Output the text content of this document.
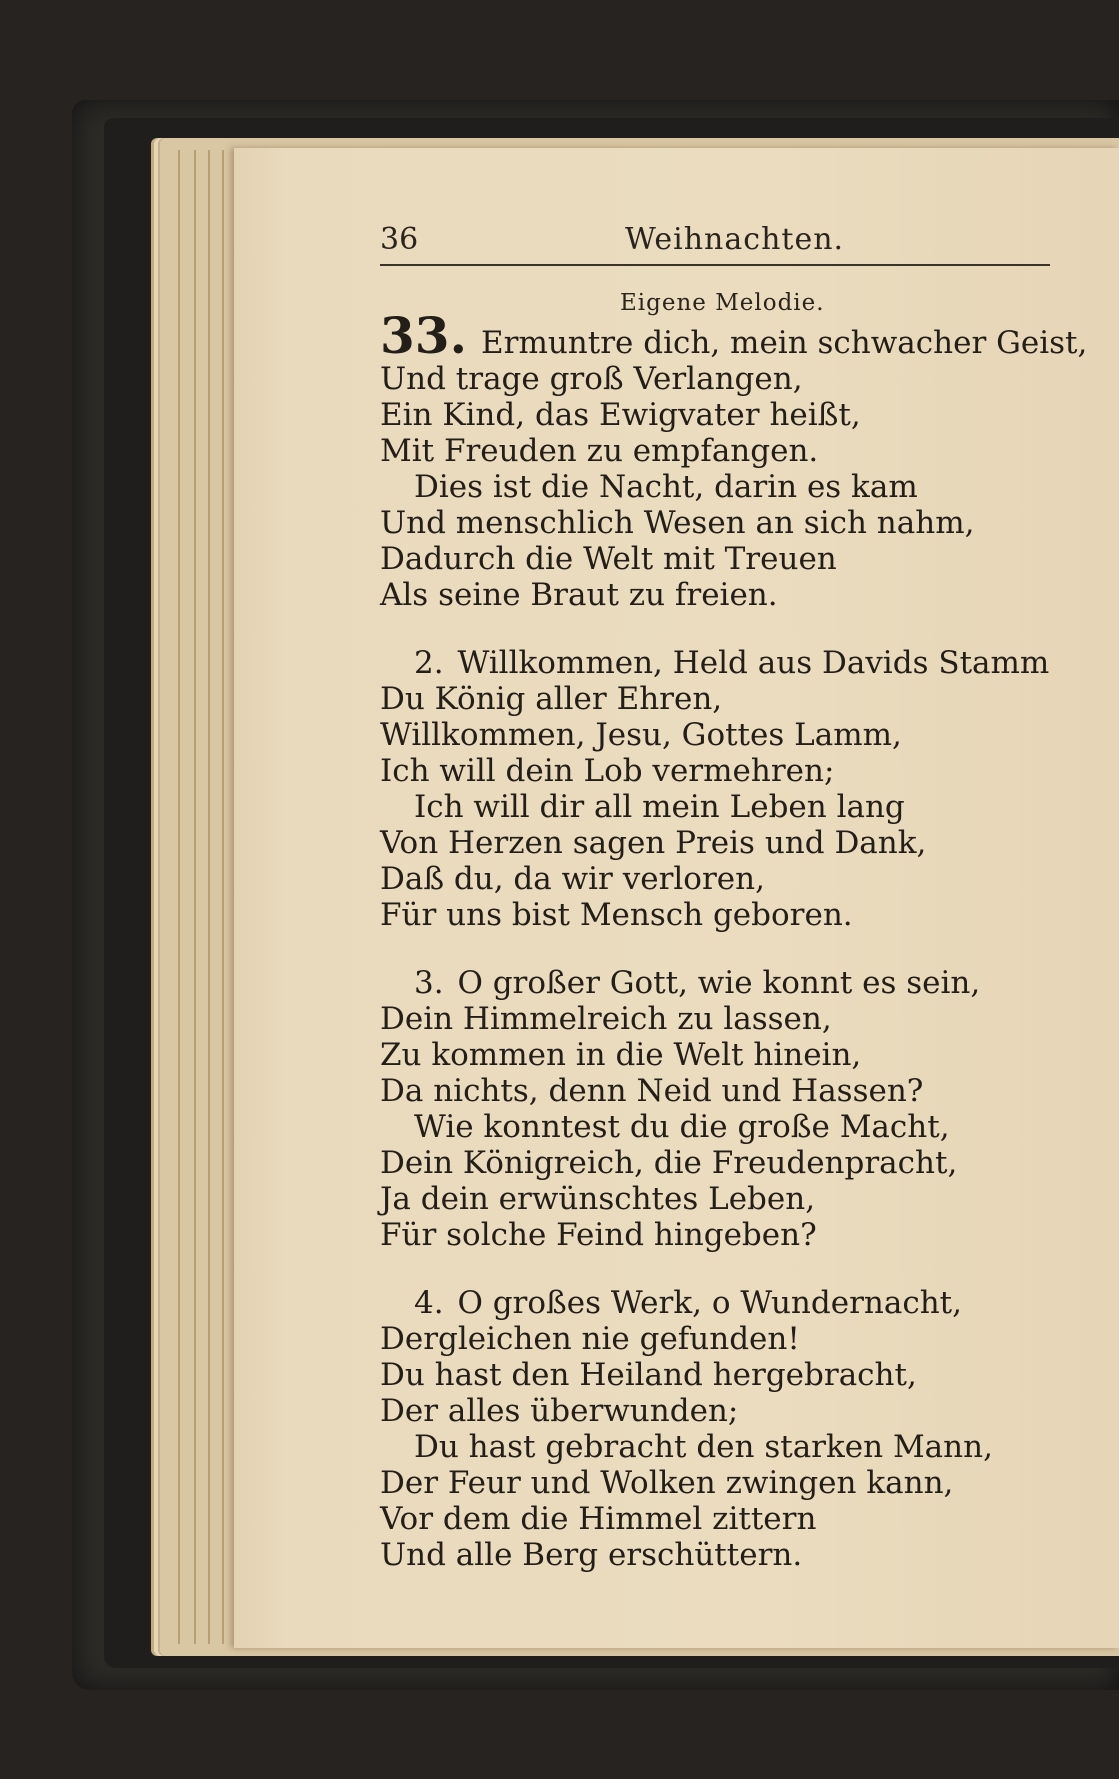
36	Weihnachten.
Eigene Melodie.
33. Ermuntre dich, mein schwacher Geist,
Und trage groß Verlangen,
Ein Kind, das Ewigvater heißt,
Mit Freuden zu empfangen.
Dies ist die Nacht, darin es kam
Und menschlich Wesen an sich nahm,
Dadurch die Welt mit Treuen
Als seine Braut zu freien.
2. Willkommen, Held aus Davids Stamm
Du König aller Ehren,
Willkommen, Jesu, Gottes Lamm,
Ich will dein Lob vermehren;
Ich will dir all mein Leben lang
Von Herzen sagen Preis und Dank,
Daß du, da wir verloren,
Für uns bist Mensch geboren.
3. O großer Gott, wie konnt es sein,
Dein Himmelreich zu lassen,
Zu kommen in die Welt hinein,
Da nichts, denn Neid und Hassen?
Wie konntest du die große Macht,
Dein Königreich, die Freudenpracht,
Ja dein erwünschtes Leben,
Für solche Feind hingeben?
4. O großes Werk, o Wundernacht,
Dergleichen nie gefunden!
Du hast den Heiland hergebracht,
Der alles überwunden;
Du hast gebracht den starken Mann,
Der Feur und Wolken zwingen kann,
Vor dem die Himmel zittern
Und alle Berg erschüttern.
